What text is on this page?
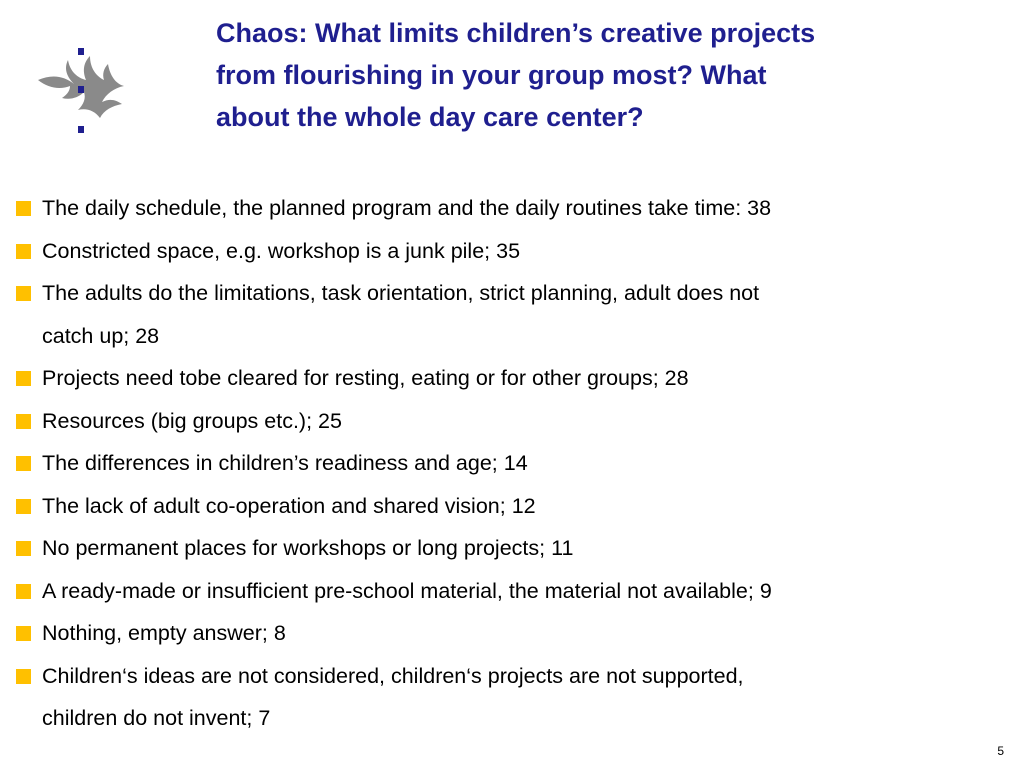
Chaos: What limits children’s creative projects
from flourishing in your group most? What
about the whole day care center?
The daily schedule, the planned program and the daily routines take time: 38
Constricted space, e.g. workshop is a junk pile; 35
The adults do the limitations, task orientation, strict planning, adult does not
catch up; 28
Projects need tobe cleared for resting, eating or for other groups; 28
Resources (big groups etc.); 25
The differences in children’s readiness and age; 14
The lack of adult co-operation and shared vision; 12
No permanent places for workshops or long projects; 11
A ready-made or insufficient pre-school material, the material not available; 9
Nothing, empty answer; 8
Children‘s ideas are not considered, children‘s projects are not supported,
children do not invent; 7
5
